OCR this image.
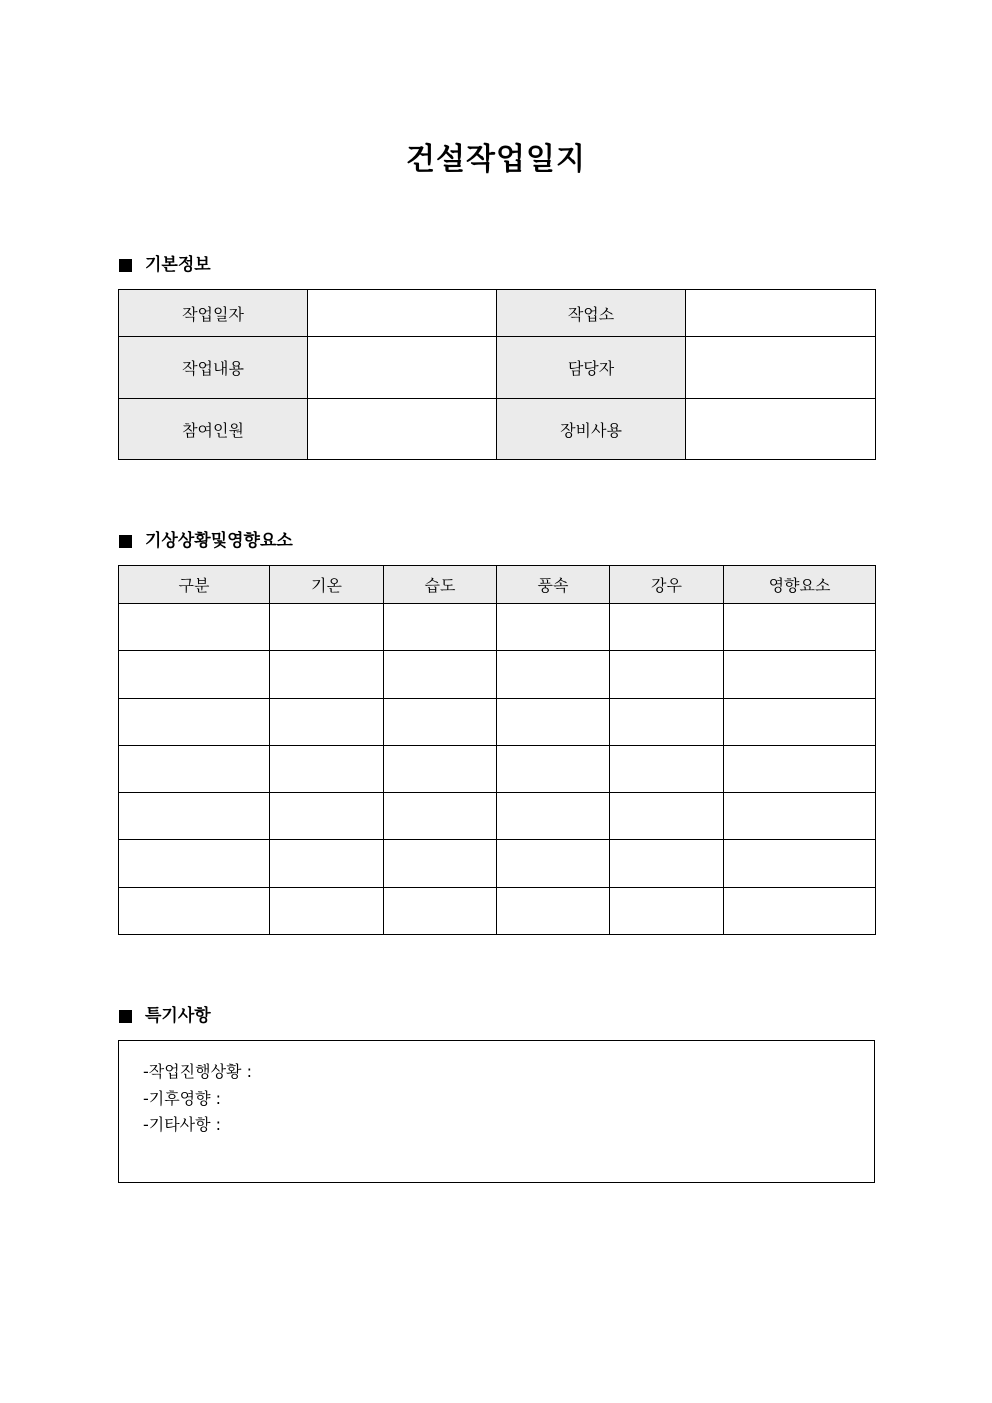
건설작업일지
기본정보
작업일자		작업소	
작업내용		담당자	
참여인원		장비사용	
기상상황및영향요소
구분	기온	습도	풍속	강우	영향요소

특기사항
-작업진행상황 :
-기후영향 :
-기타사항 :
